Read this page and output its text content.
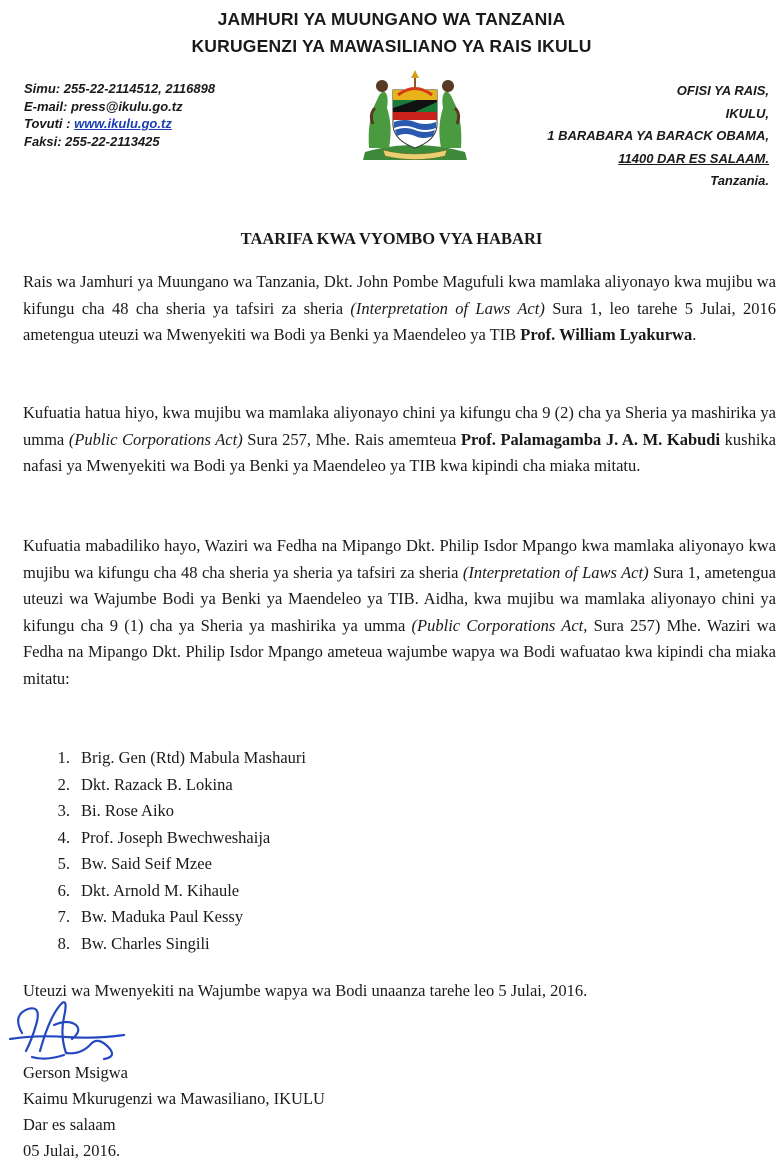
JAMHURI YA MUUNGANO WA TANZANIA
KURUGENZI YA MAWASILIANO YA RAIS IKULU
Simu: 255-22-2114512, 2116898
E-mail: press@ikulu.go.tz
Tovuti : www.ikulu.go.tz
Faksi: 255-22-2113425
OFISI YA RAIS,
IKULU,
1 BARABARA YA BARACK OBAMA,
11400 DAR ES SALAAM.
Tanzania.
TAARIFA KWA VYOMBO VYA HABARI

Rais wa Jamhuri ya Muungano wa Tanzania, Dkt. John Pombe Magufuli kwa mamlaka aliyonayo kwa mujibu wa kifungu cha 48 cha sheria ya tafsiri za sheria (Interpretation of Laws Act) Sura 1, leo tarehe 5 Julai, 2016 ametengua uteuzi wa Mwenyekiti wa Bodi ya Benki ya Maendeleo ya TIB Prof. William Lyakurwa.

Kufuatia hatua hiyo, kwa mujibu wa mamlaka aliyonayo chini ya kifungu cha 9 (2) cha ya Sheria ya mashirika ya umma (Public Corporations Act) Sura 257, Mhe. Rais amemteua Prof. Palamagamba J. A. M. Kabudi kushika nafasi ya Mwenyekiti wa Bodi ya Benki ya Maendeleo ya TIB kwa kipindi cha miaka mitatu.

Kufuatia mabadiliko hayo, Waziri wa Fedha na Mipango Dkt. Philip Isdor Mpango kwa mamlaka aliyonayo kwa mujibu wa kifungu cha 48 cha sheria ya sheria ya tafsiri za sheria (Interpretation of Laws Act) Sura 1, ametengua uteuzi wa Wajumbe Bodi ya Benki ya Maendeleo ya TIB. Aidha, kwa mujibu wa mamlaka aliyonayo chini ya kifungu cha 9 (1) cha ya Sheria ya mashirika ya umma (Public Corporations Act, Sura 257) Mhe. Waziri wa Fedha na Mipango Dkt. Philip Isdor Mpango ameteua wajumbe wapya wa Bodi wafuatao kwa kipindi cha miaka mitatu:

1. Brig. Gen (Rtd) Mabula Mashauri
2. Dkt. Razack B. Lokina
3. Bi. Rose Aiko
4. Prof. Joseph Bwechweshaija
5. Bw. Said Seif Mzee
6. Dkt. Arnold M. Kihaule
7. Bw. Maduka Paul Kessy
8. Bw. Charles Singili

Uteuzi wa Mwenyekiti na Wajumbe wapya wa Bodi unaanza tarehe leo 5 Julai, 2016.

Gerson Msigwa
Kaimu Mkurugenzi wa Mawasiliano, IKULU
Dar es salaam
05 Julai, 2016.
